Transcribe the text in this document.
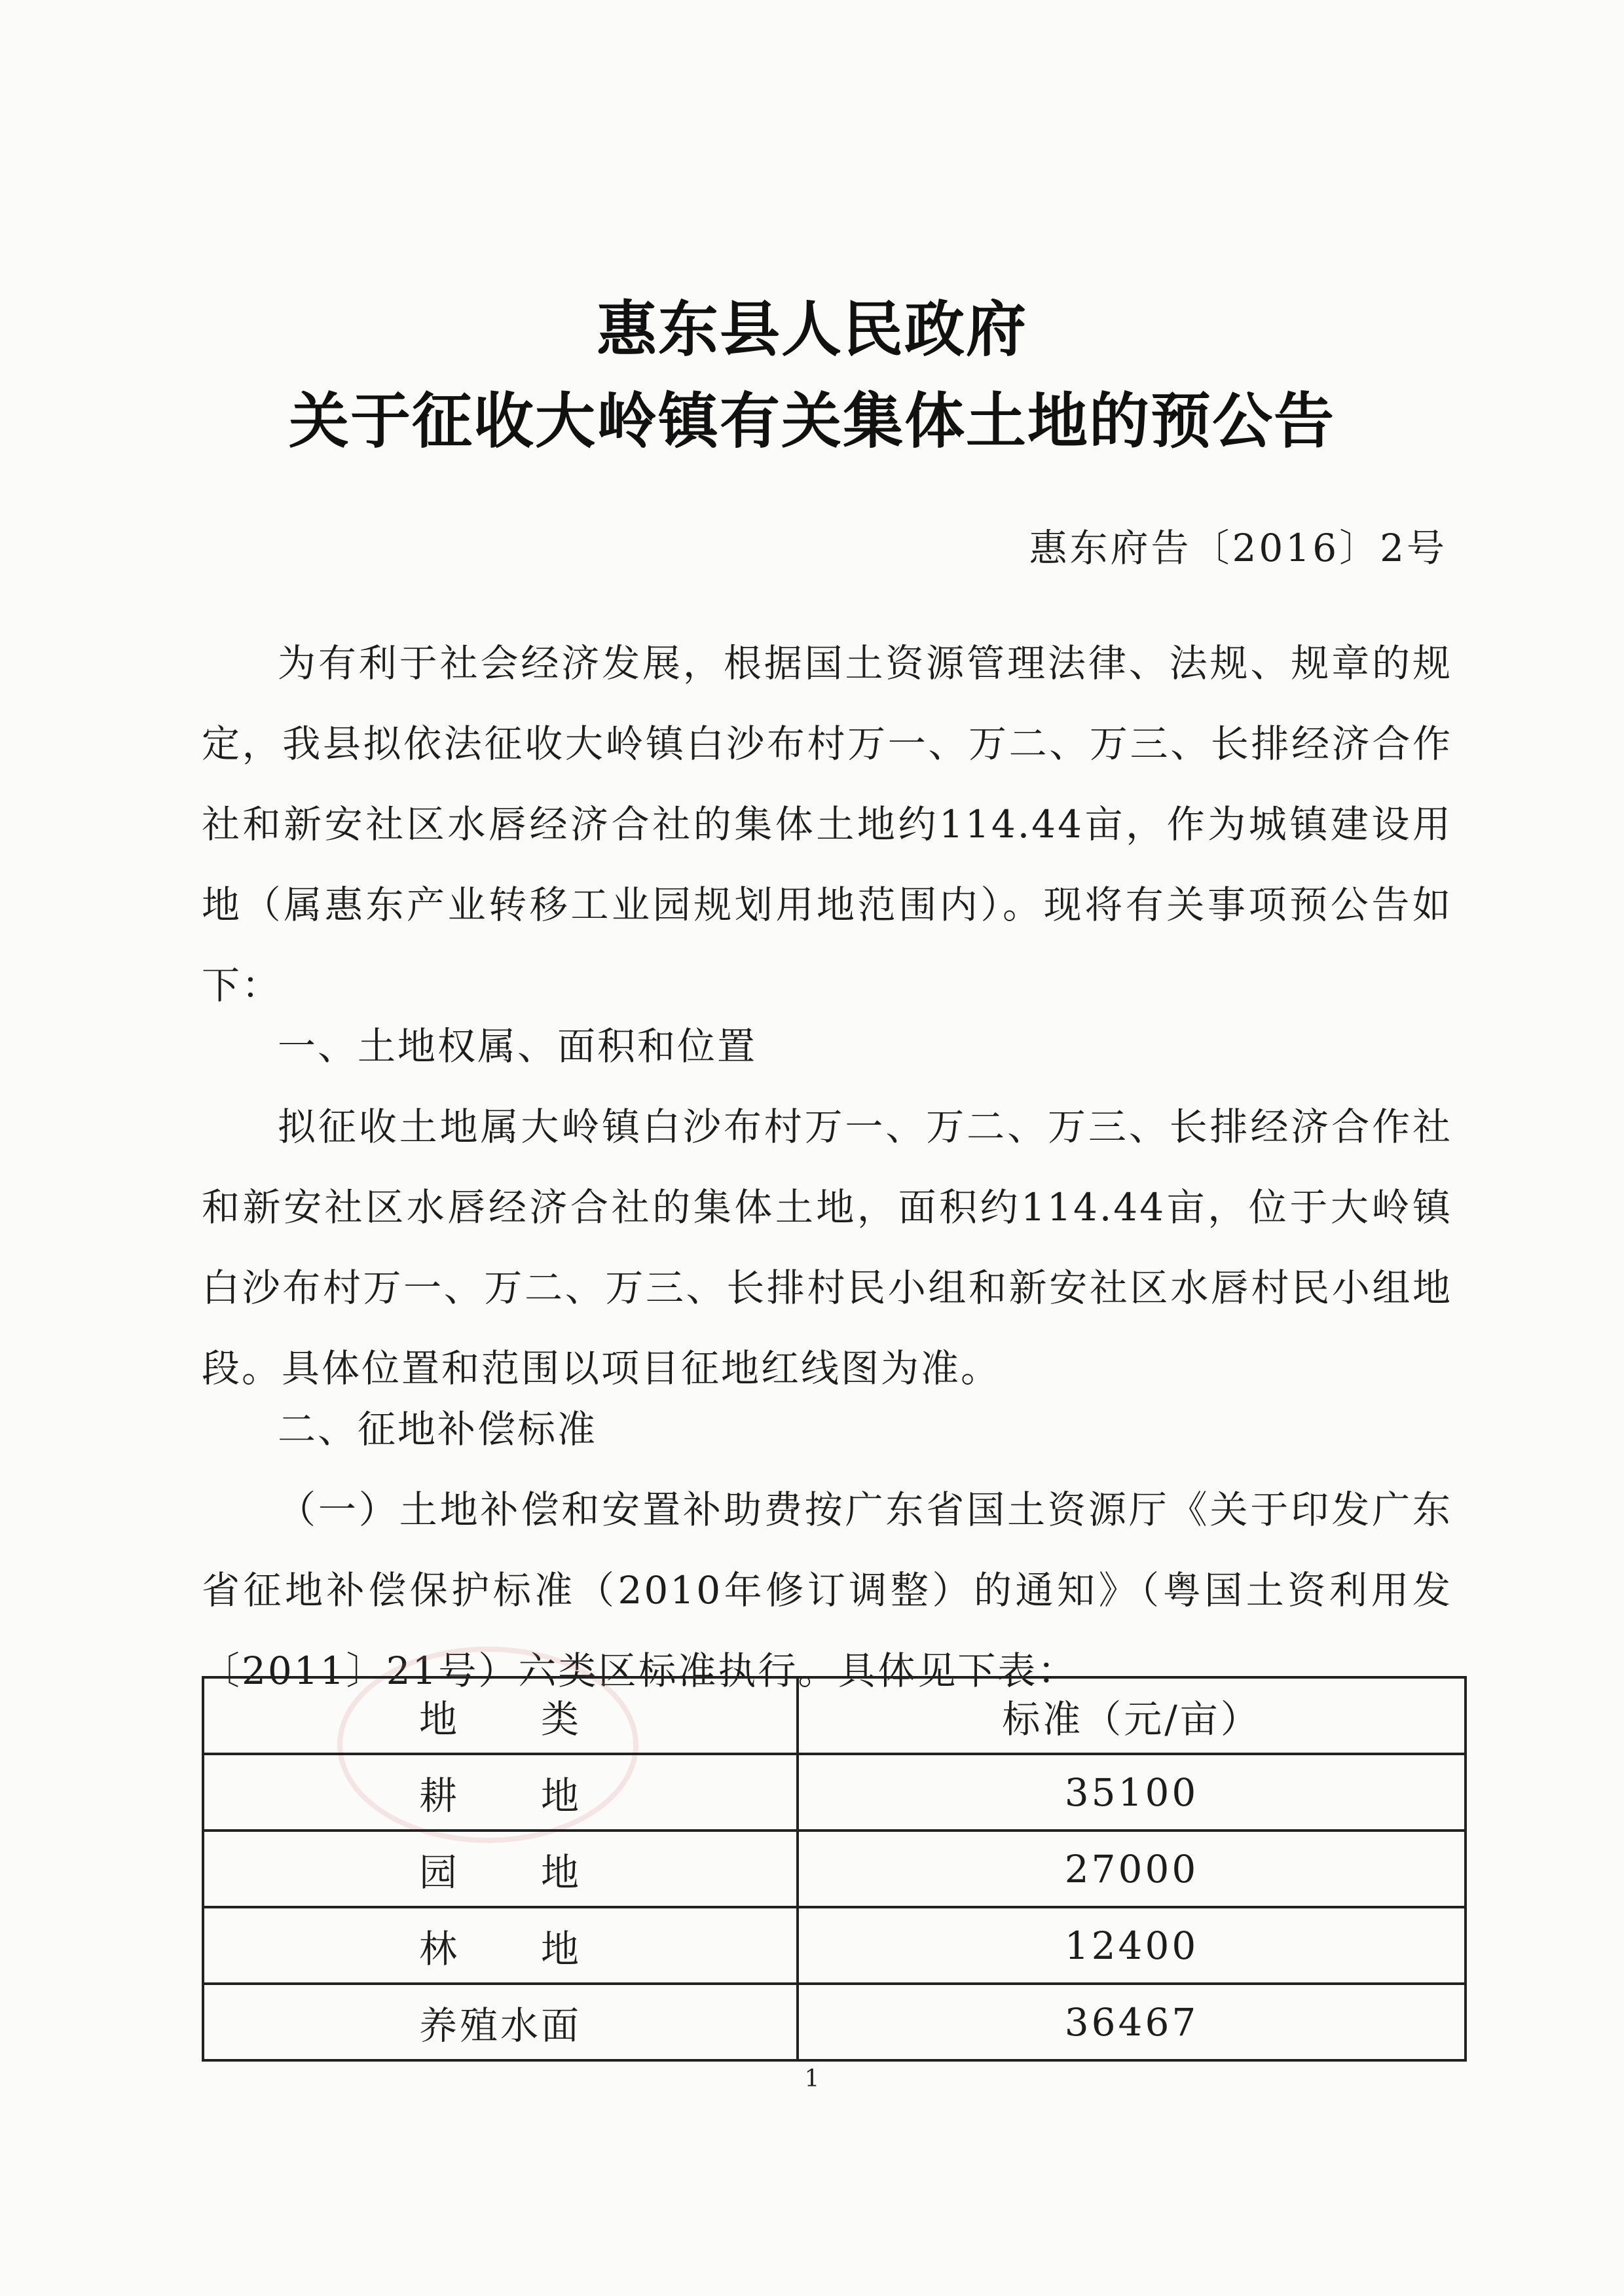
惠东县人民政府
关于征收大岭镇有关集体土地的预公告
惠东府告〔2016〕2号
为有利于社会经济发展，根据国土资源管理法律、法规、规章的规定，我县拟依法征收大岭镇白沙布村万一、万二、万三、长排经济合作社和新安社区水唇经济合社的集体土地约114.44亩，作为城镇建设用地（属惠东产业转移工业园规划用地范围内）。现将有关事项预公告如下：
一、土地权属、面积和位置
拟征收土地属大岭镇白沙布村万一、万二、万三、长排经济合作社和新安社区水唇经济合社的集体土地，面积约114.44亩，位于大岭镇白沙布村万一、万二、万三、长排村民小组和新安社区水唇村民小组地段。具体位置和范围以项目征地红线图为准。
二、征地补偿标准
（一）土地补偿和安置补助费按广东省国土资源厅《关于印发广东省征地补偿保护标准（2010年修订调整）的通知》（粤国土资利用发〔2011〕21号）六类区标准执行。具体见下表：
地　　类	标准（元/亩）
耕　　地	35100
园　　地	27000
林　　地	12400
养殖水面	36467
1
